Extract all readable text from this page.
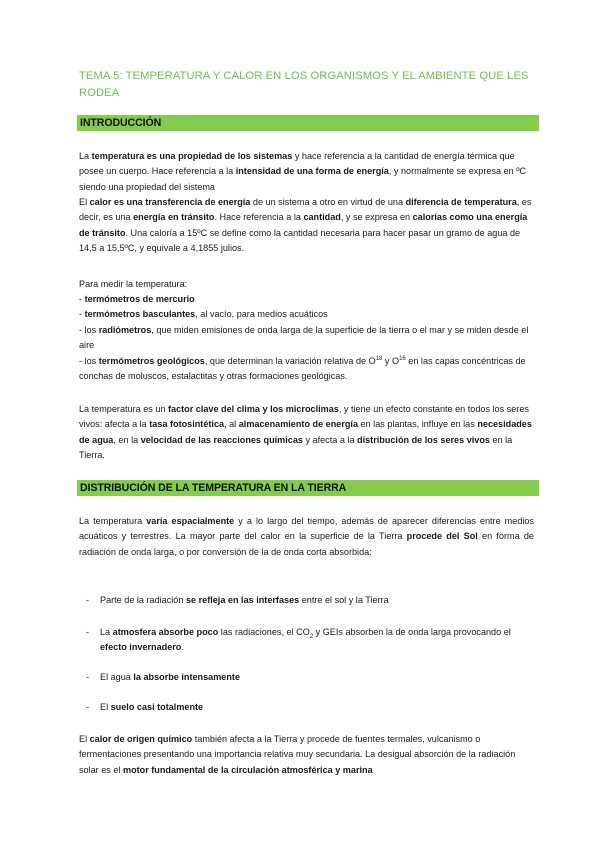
TEMA 5: TEMPERATURA Y CALOR EN LOS ORGANISMOS Y EL AMBIENTE QUE LES RODEA
INTRODUCCIÓN
La temperatura es una propiedad de los sistemas y hace referencia a la cantidad de energía térmica que posee un cuerpo. Hace referencia a la intensidad de una forma de energía, y normalmente se expresa en ºC siendo una propiedad del sistema
El calor es una transferencia de energía de un sistema a otro en virtud de una diferencia de temperatura, es decir, es una energía en tránsito. Hace referencia a la cantidad, y se expresa en calorías como una energía de tránsito. Una caloría a 15ºC se define como la cantidad necesaria para hacer pasar un gramo de agua de 14,5 a 15,5ºC, y equivale a 4,1855 julios.
Para medir la temperatura:
- termómetros de mercurio
- termómetros basculantes, al vacío, para medios acuáticos
- los radiómetros, que miden emisiones de onda larga de la superficie de la tierra o el mar y se miden desde el aire
- los termómetros geológicos, que determinan la variación relativa de $O^{18}$ y $O^{16}$ en las capas concéntricas de conchas de moluscos, estalactitas y otras formaciones geológicas.
La temperatura es un factor clave del clima y los microclimas, y tiene un efecto constante en todos los seres vivos: afecta a la tasa fotosintética, al almacenamiento de energía en las plantas, influye en las necesidades de agua, en la velocidad de las reacciones químicas y afecta a la distribución de los seres vivos en la Tierra.
DISTRIBUCIÓN DE LA TEMPERATURA EN LA TIERRA
La temperatura varía espacialmente y a lo largo del tiempo, además de aparecer diferencias entre medios acuáticos y terrestres. La mayor parte del calor en la superficie de la Tierra procede del Sol en forma de radiación de onda larga, o por conversión de la de onda corta absorbida:
- Parte de la radiación se refleja en las interfases entre el sol y la Tierra
- La atmosfera absorbe poco las radiaciones, el $CO_2$ y GEIs absorben la de onda larga provocando el efecto invernadero.
- El agua la absorbe intensamente
- El suelo casi totalmente
El calor de origen químico también afecta a la Tierra y procede de fuentes termales, vulcanismo o fermentaciones presentando una importancia relativa muy secundaria. La desigual absorción de la radiación solar es el motor fundamental de la circulación atmosférica y marina
